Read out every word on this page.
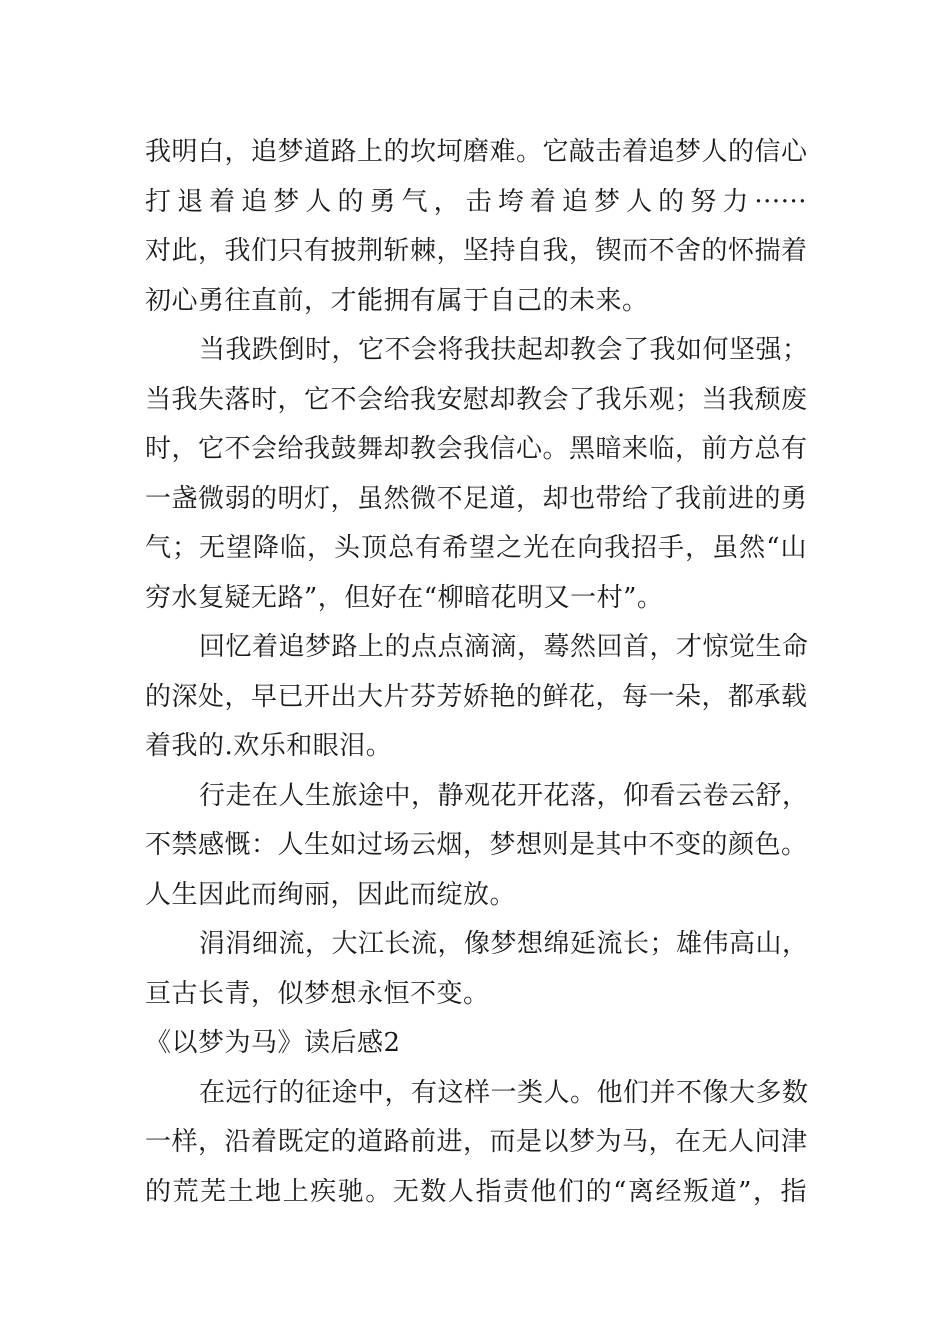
我明白，追梦道路上的坎坷磨难。它敲击着追梦人的信心
打退着追梦人的勇气，击垮着追梦人的努力······
对此，我们只有披荆斩棘，坚持自我，锲而不舍的怀揣着
初心勇往直前，才能拥有属于自己的未来。
当我跌倒时，它不会将我扶起却教会了我如何坚强；
当我失落时，它不会给我安慰却教会了我乐观；当我颓废
时，它不会给我鼓舞却教会我信心。黑暗来临，前方总有
一盏微弱的明灯，虽然微不足道，却也带给了我前进的勇
气；无望降临，头顶总有希望之光在向我招手，虽然“山
穷水复疑无路”，但好在“柳暗花明又一村”。
回忆着追梦路上的点点滴滴，蓦然回首，才惊觉生命
的深处，早已开出大片芬芳娇艳的鲜花，每一朵，都承载
着我的.欢乐和眼泪。
行走在人生旅途中，静观花开花落，仰看云卷云舒，
不禁感慨：人生如过场云烟，梦想则是其中不变的颜色。
人生因此而绚丽，因此而绽放。
涓涓细流，大江长流，像梦想绵延流长；雄伟高山，
亘古长青，似梦想永恒不变。
《以梦为马》读后感2
在远行的征途中，有这样一类人。他们并不像大多数
一样，沿着既定的道路前进，而是以梦为马，在无人问津
的荒芜土地上疾驰。无数人指责他们的“离经叛道”，指
